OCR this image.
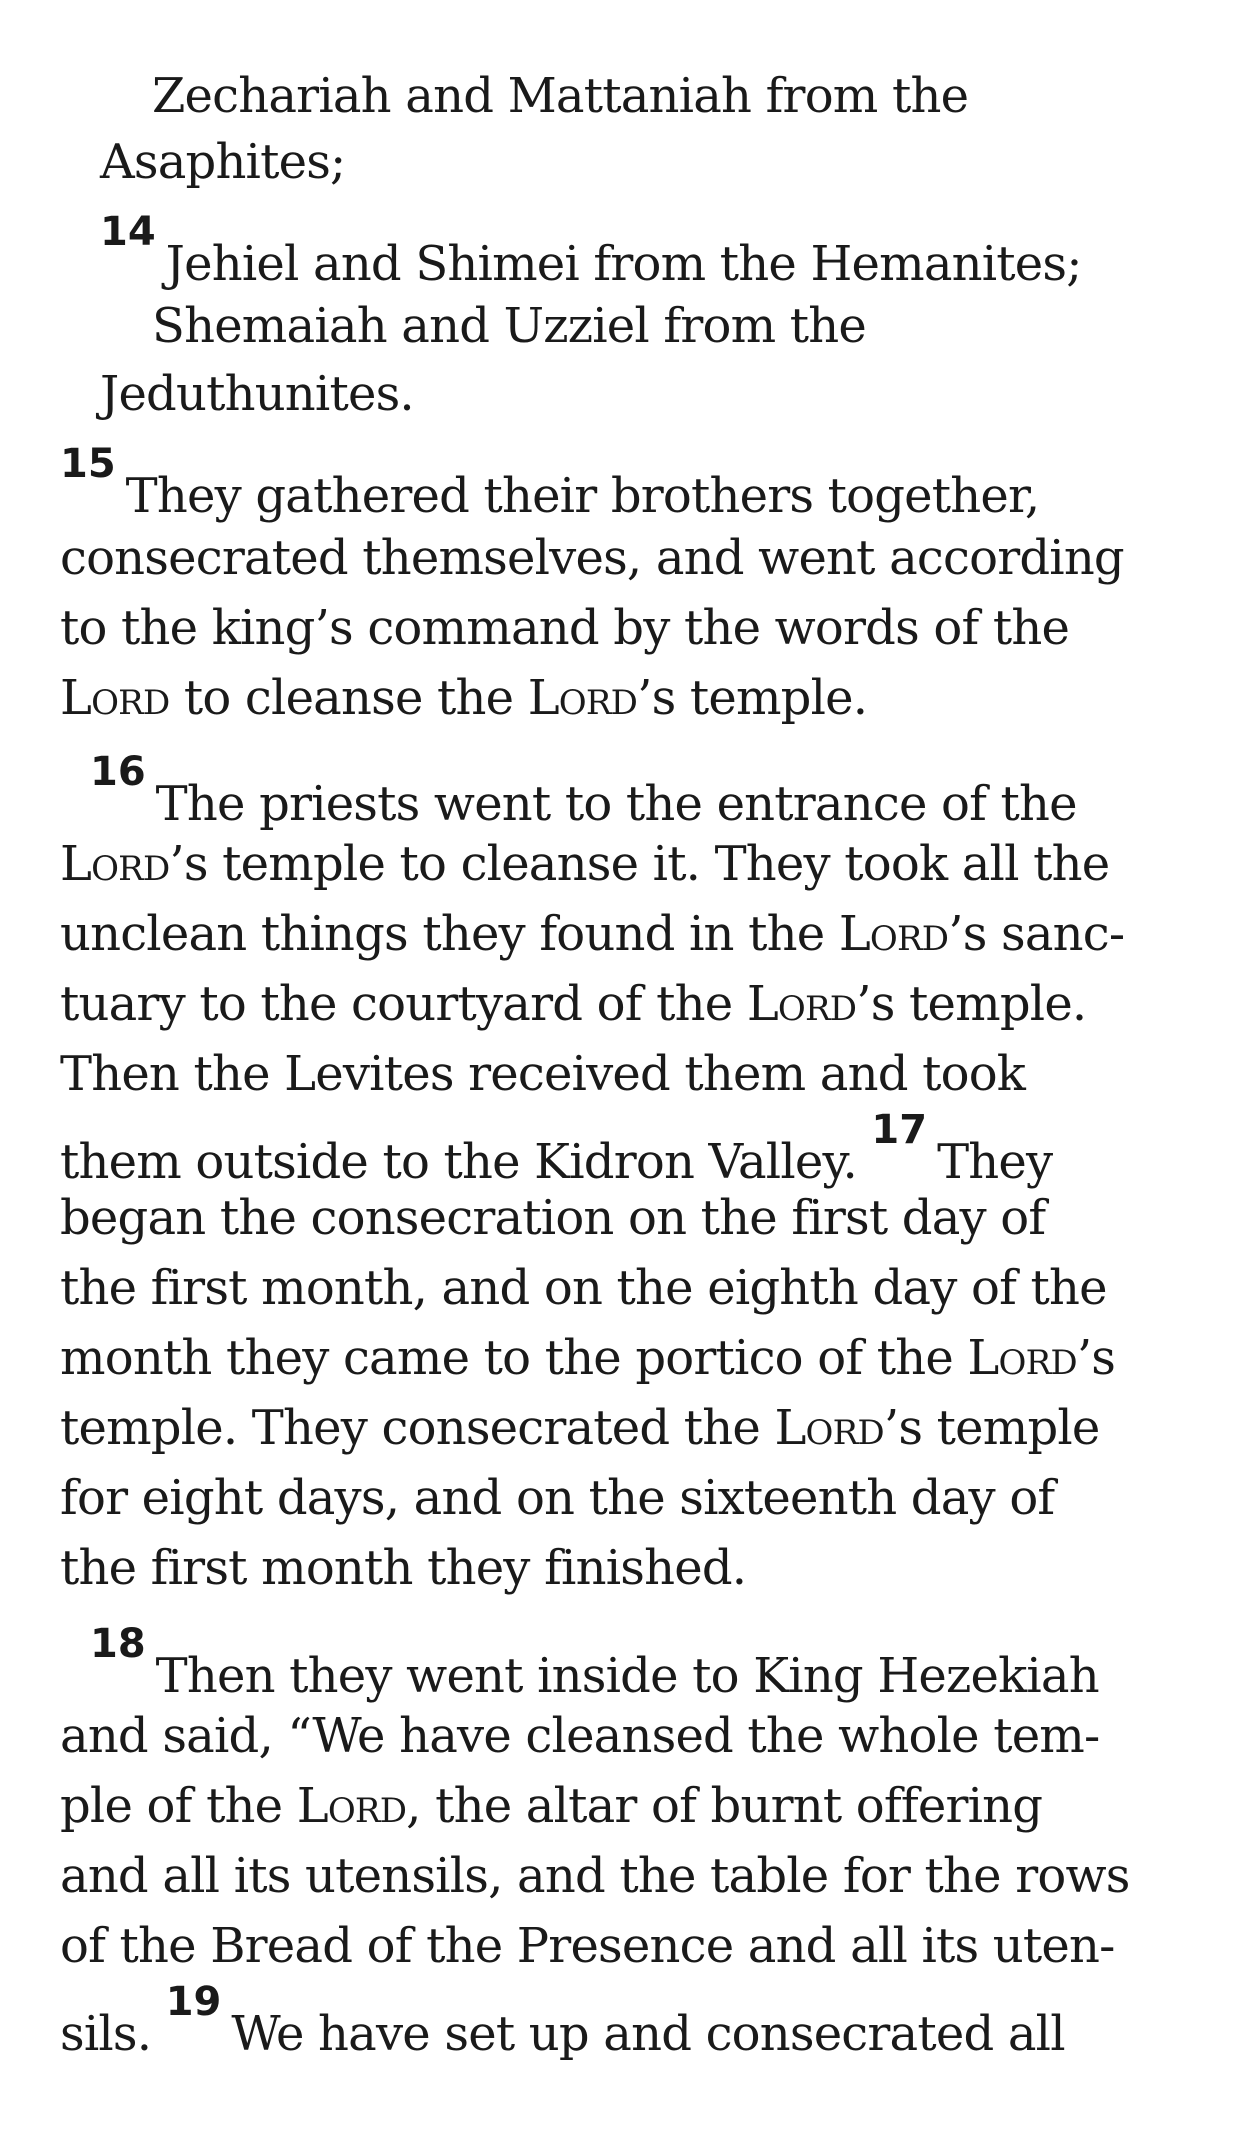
Zechariah and Mattaniah from the
Asaphites;
$^{14}$Jehiel and Shimei from the Hemanites;
Shemaiah and Uzziel from the
Jeduthunites.
$^{15}$They gathered their brothers together,
consecrated themselves, and went according
to the king’s command by the words of the
Lord to cleanse the Lord’s temple.
$^{16}$The priests went to the entrance of the
Lord’s temple to cleanse it. They took all the
unclean things they found in the Lord’s sanc-
tuary to the courtyard of the Lord’s temple.
Then the Levites received them and took
them outside to the Kidron Valley. $^{17}$They
began the consecration on the first day of
the first month, and on the eighth day of the
month they came to the portico of the Lord’s
temple. They consecrated the Lord’s temple
for eight days, and on the sixteenth day of
the first month they finished.
$^{18}$Then they went inside to King Hezekiah
and said, “We have cleansed the whole tem-
ple of the Lord, the altar of burnt offering
and all its utensils, and the table for the rows
of the Bread of the Presence and all its uten-
sils. $^{19}$We have set up and consecrated all
